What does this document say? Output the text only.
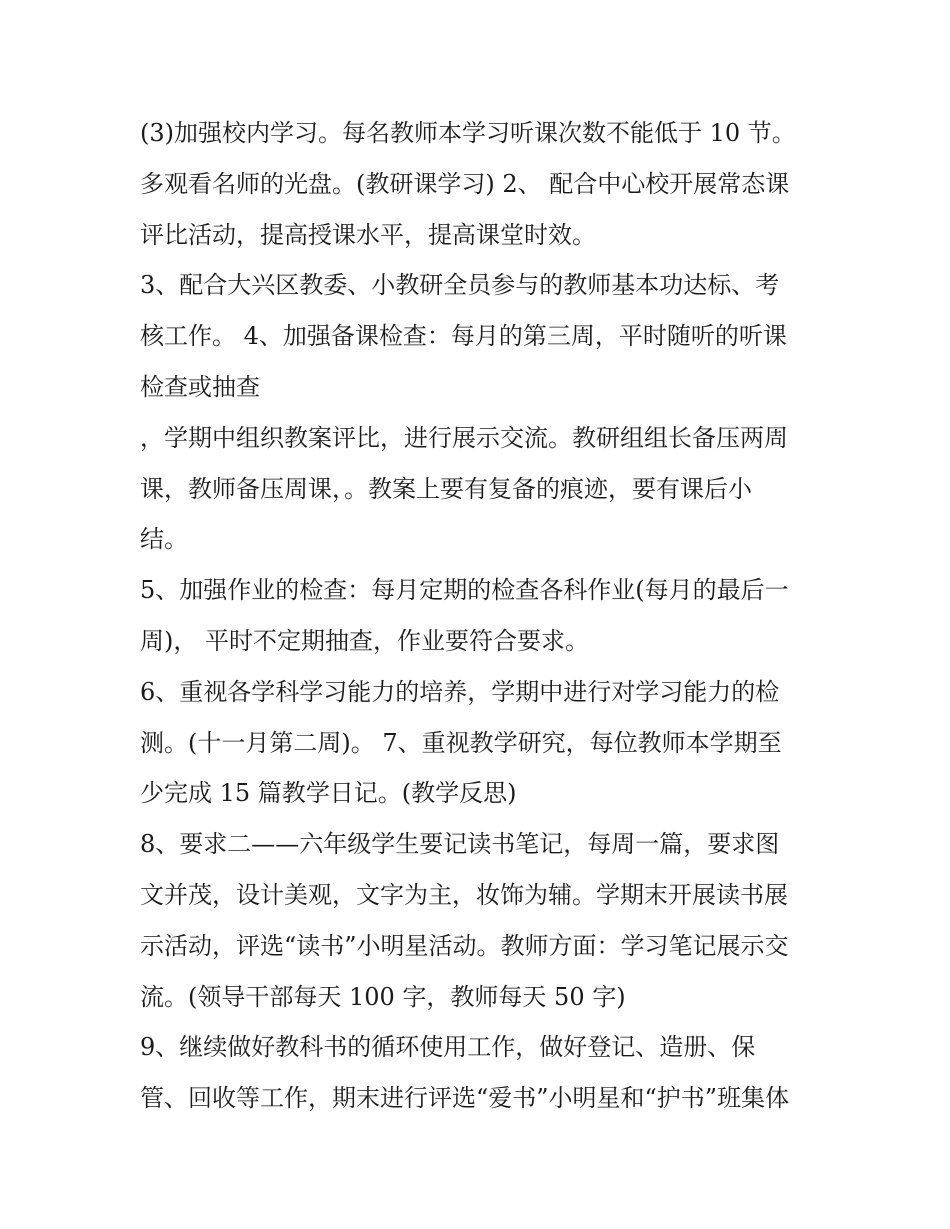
(3)加强校内学习。每名教师本学习听课次数不能低于 10 节。
多观看名师的光盘。(教研课学习) 2、 配合中心校开展常态课
评比活动，提高授课水平，提高课堂时效。
3、配合大兴区教委、小教研全员参与的教师基本功达标、考
核工作。 4、加强备课检查：每月的第三周，平时随听的听课
检查或抽查
，学期中组织教案评比，进行展示交流。教研组组长备压两周
课，教师备压周课，。教案上要有复备的痕迹，要有课后小
结。
5、加强作业的检查：每月定期的检查各科作业(每月的最后一
周)， 平时不定期抽查，作业要符合要求。
6、重视各学科学习能力的培养，学期中进行对学习能力的检
测。(十一月第二周)。 7、重视教学研究，每位教师本学期至
少完成 15 篇教学日记。(教学反思)
8、要求二——六年级学生要记读书笔记，每周一篇，要求图
文并茂，设计美观，文字为主，妆饰为辅。学期末开展读书展
示活动，评选“读书”小明星活动。教师方面：学习笔记展示交
流。(领导干部每天 100 字，教师每天 50 字)
9、继续做好教科书的循环使用工作，做好登记、造册、保
管、回收等工作，期末进行评选“爱书”小明星和“护书”班集体
